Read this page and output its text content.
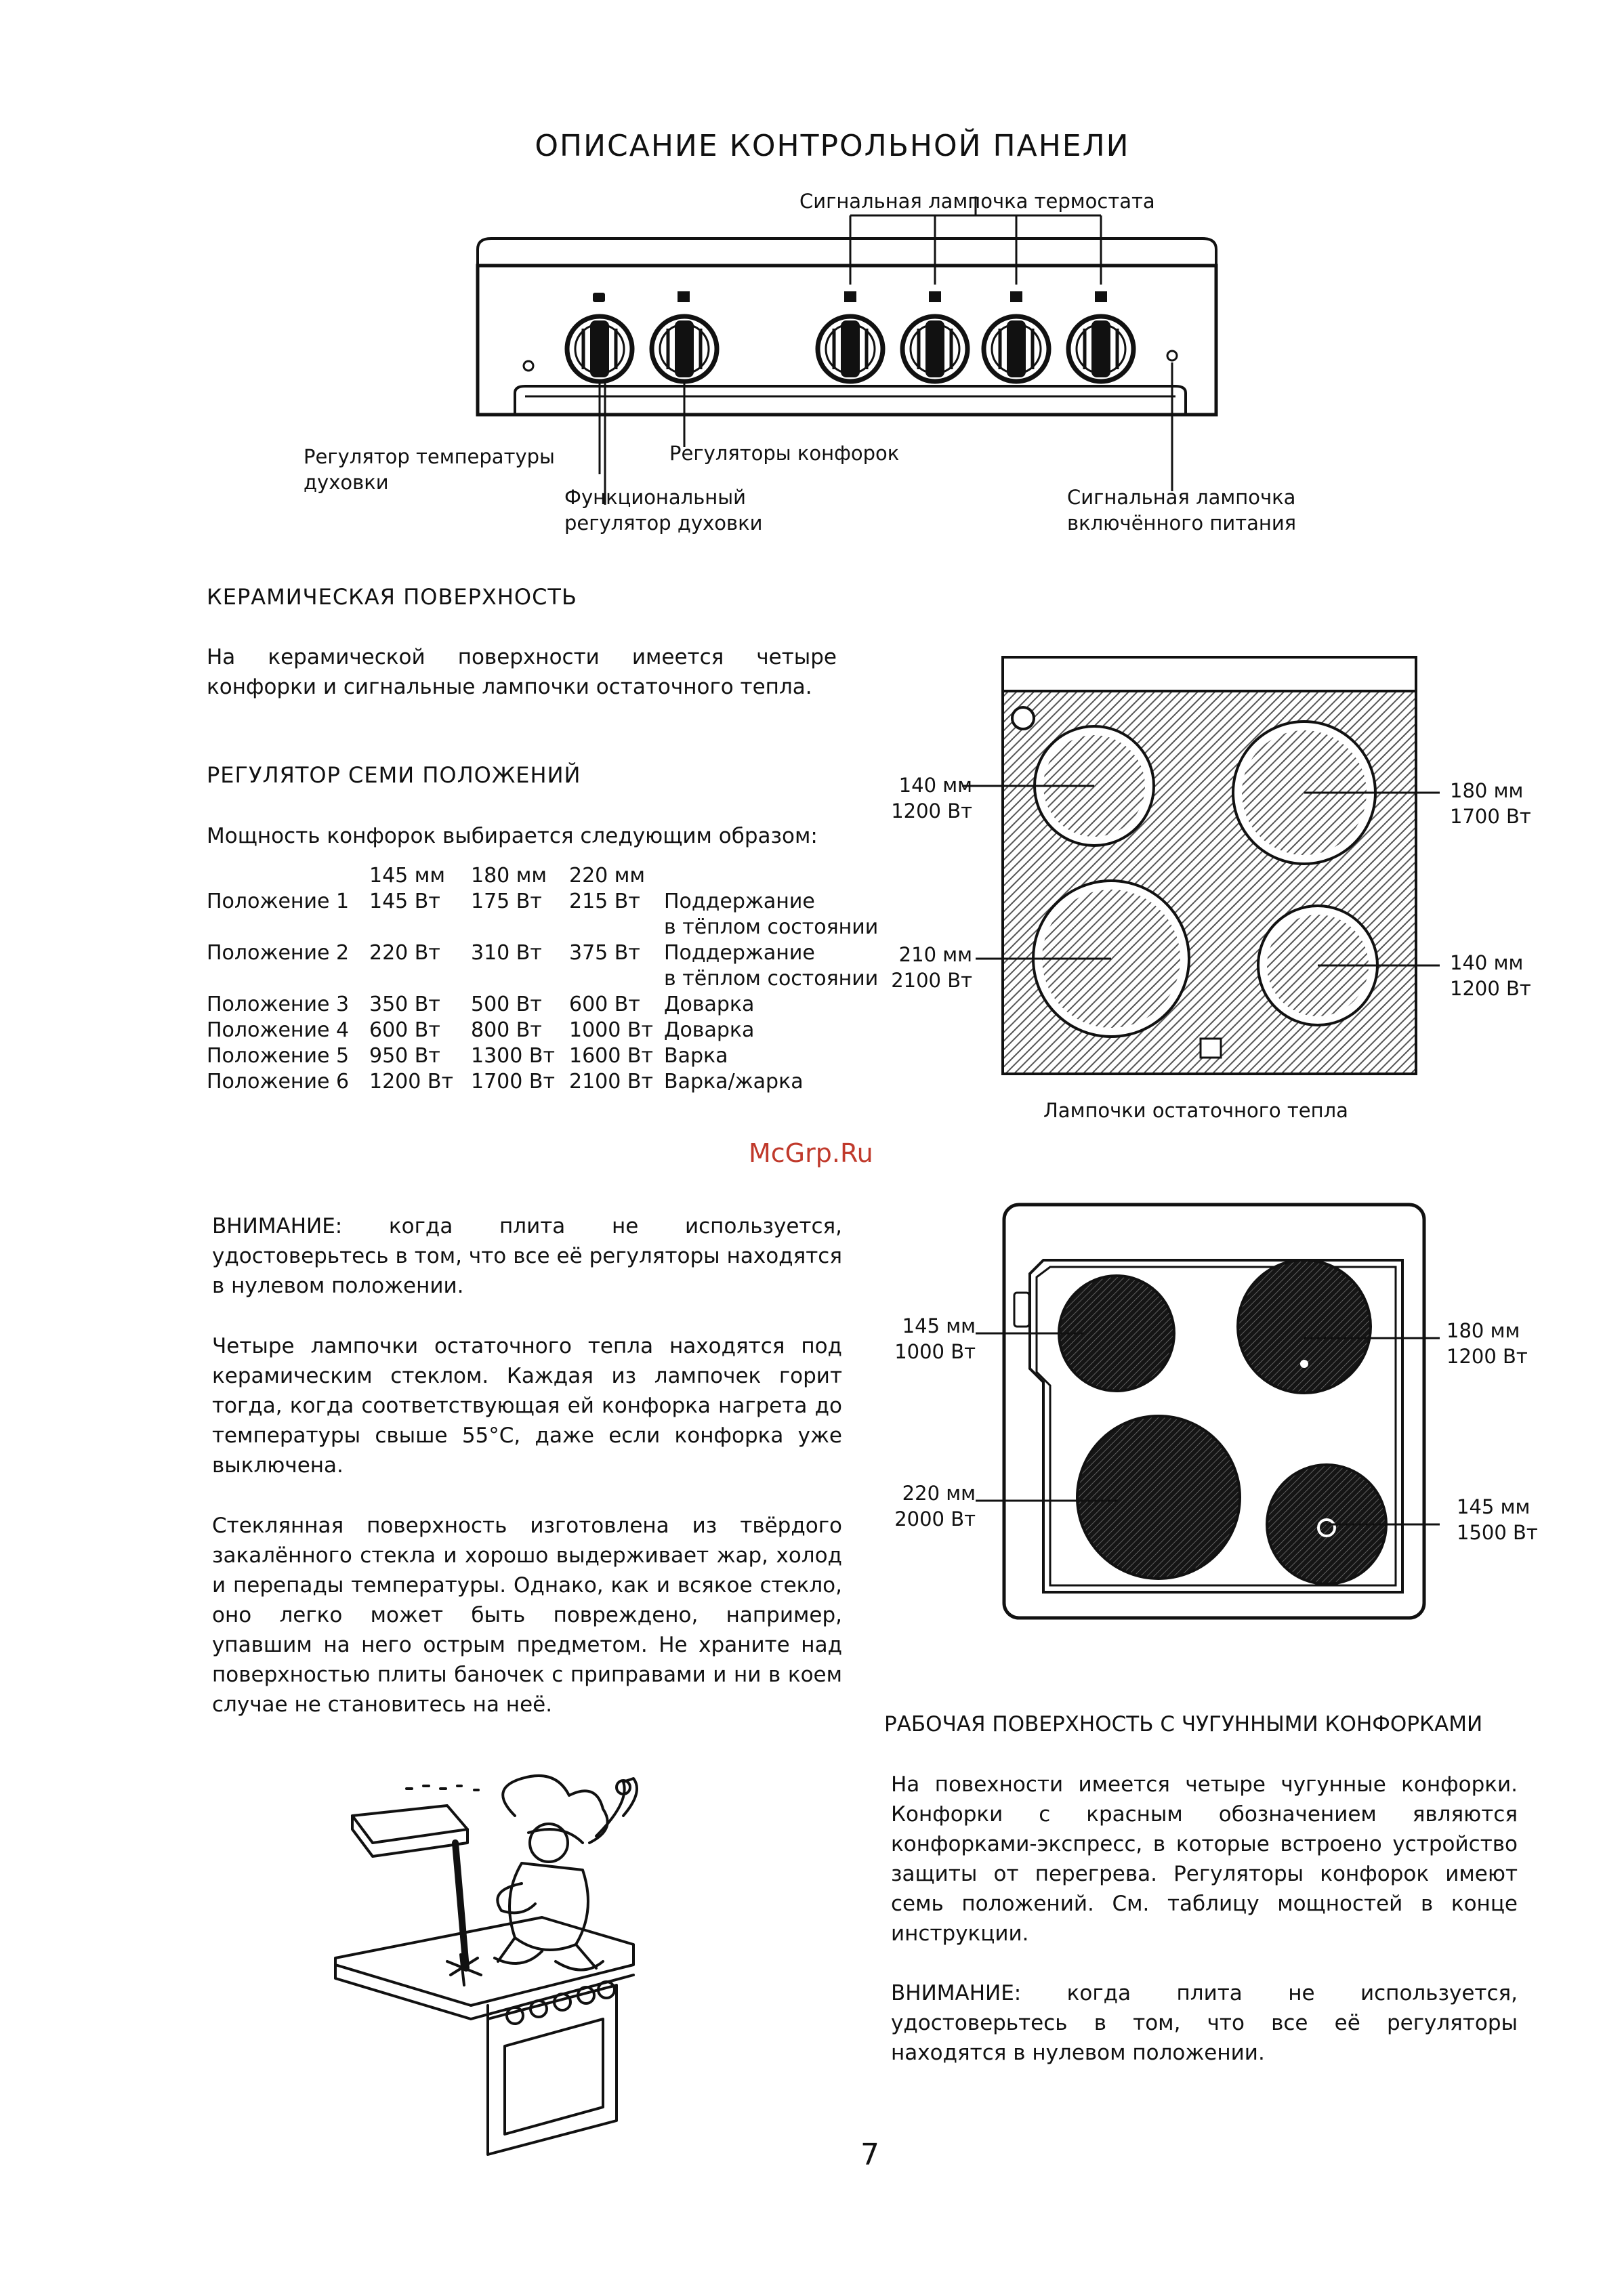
ОПИСАНИЕ КОНТРОЛЬНОЙ ПАНЕЛИ
Сигнальная лампочка термостата
Регулятор температуры духовки
Регуляторы конфорок
Функциональный регулятор духовки
Сигнальная лампочка включённого питания
КЕРАМИЧЕСКАЯ ПОВЕРХНОСТЬ
На керамической поверхности имеется четыре конфорки и сигнальные лампочки остаточного тепла.
РЕГУЛЯТОР СЕМИ ПОЛОЖЕНИЙ
Мощность конфорок выбирается следующим образом:
	145 мм	180 мм	220 мм	
Положение 1	145 Вт	175 Вт	215 Вт	Поддержание
				в тёплом состоянии
Положение 2	220 Вт	310 Вт	375 Вт	Поддержание
				в тёплом состоянии
Положение 3	350 Вт	500 Вт	600 Вт	Доварка
Положение 4	600 Вт	800 Вт	1000 Вт	Доварка
Положение 5	950 Вт	1300 Вт	1600 Вт	Варка
Положение 6	1200 Вт	1700 Вт	2100 Вт	Варка/жарка
140 мм
1200 Вт
180 мм
1700 Вт
210 мм
2100 Вт
140 мм
1200 Вт
Лампочки остаточного тепла
McGrp.Ru
ВНИМАНИЕ: когда плита не используется, удостоверьтесь в том, что все её регуляторы находятся в нулевом положении.
Четыре лампочки остаточного тепла находятся под керамическим стеклом. Каждая из лампочек горит тогда, когда соответствующая ей конфорка нагрета до температуры свыше 55°С, даже если конфорка уже выключена.
Стеклянная поверхность изготовлена из твёрдого закалённого стекла и хорошо выдерживает жар, холод и перепады температуры. Однако, как и всякое стекло, оно легко может быть повреждено, например, упавшим на него острым предметом. Не храните над поверхностью плиты баночек с приправами и ни в коем случае не становитесь на неё.
145 мм
1000 Вт
180 мм
1200 Вт
220 мм
2000 Вт
145 мм
1500 Вт
РАБОЧАЯ ПОВЕРХНОСТЬ С ЧУГУННЫМИ КОНФОРКАМИ
На повехности имеется четыре чугунные конфорки. Конфорки с красным обозначением являются конфорками-экспресс, в которые встроено устройство защиты от перегрева. Регуляторы конфорок имеют семь положений. См. таблицу мощностей в конце инструкции.
ВНИМАНИЕ: когда плита не используется, удостоверьтесь в том, что все её регуляторы находятся в нулевом положении.
7
